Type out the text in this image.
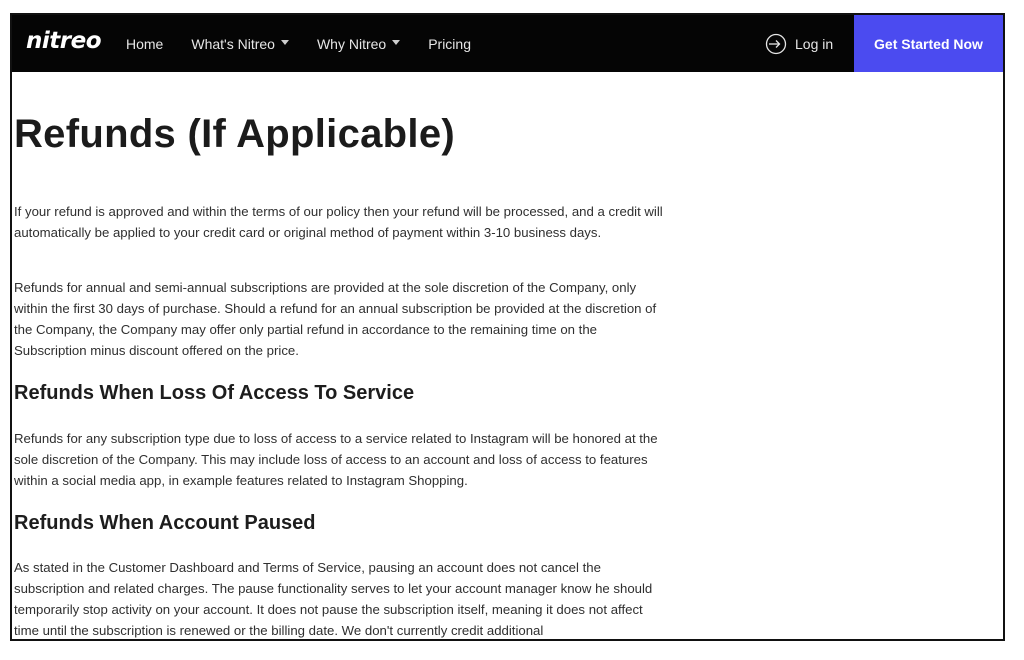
nitreo Home What's Nitreo	Why Nitreo	Pricing	Log in	Get Started Now
Refunds (If Applicable)

If your refund is approved and within the terms of our policy then your refund will be processed, and a credit will automatically be applied to your credit card or original method of payment within 3-10 business days.

Refunds for annual and semi-annual subscriptions are provided at the sole discretion of the Company, only within the first 30 days of purchase. Should a refund for an annual subscription be provided at the discretion of the Company, the Company may offer only partial refund in accordance to the remaining time on the Subscription minus discount offered on the price.

Refunds When Loss Of Access To Service

Refunds for any subscription type due to loss of access to a service related to Instagram will be honored at the sole discretion of the Company. This may include loss of access to an account and loss of access to features within a social media app, in example features related to Instagram Shopping.

Refunds When Account Paused

As stated in the Customer Dashboard and Terms of Service, pausing an account does not cancel the subscription and related charges. The pause functionality serves to let your account manager know he should temporarily stop activity on your account. It does not pause the subscription itself, meaning it does not affect time until the subscription is renewed or the billing date. We don't currently credit additional
